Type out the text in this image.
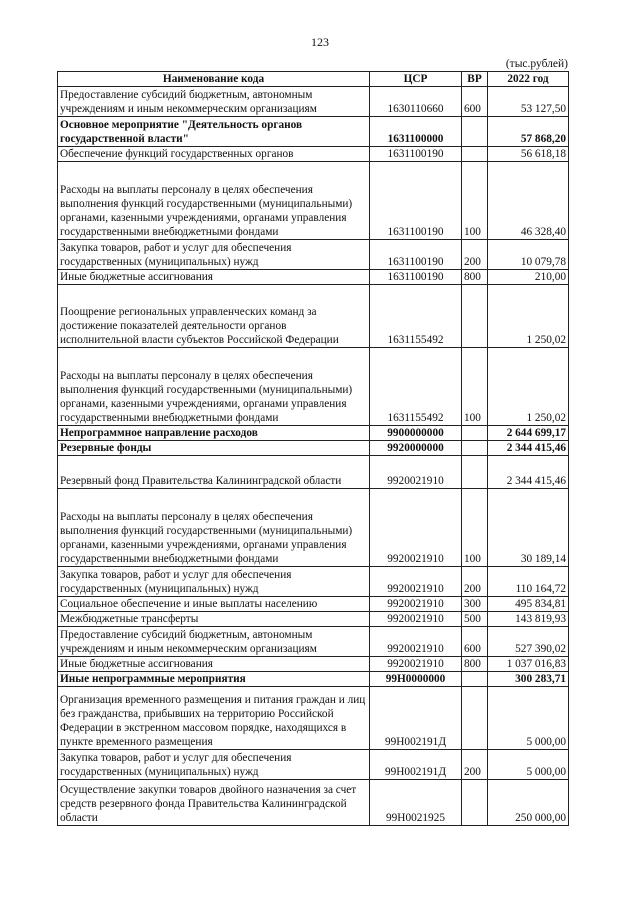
123
(тыс.рублей)
Наименование кода	ЦСР	ВР	2022 год
Предоставление субсидий бюджетным, автономным учреждениям и иным некоммерческим организациям	1630110660	600	53 127,50
Основное мероприятие "Деятельность органов государственной власти"	1631100000		57 868,20
Обеспечение функций государственных органов	1631100190		56 618,18
Расходы на выплаты персоналу в целях обеспечения выполнения функций государственными (муниципальными) органами, казенными учреждениями, органами управления государственными внебюджетными фондами	1631100190	100	46 328,40
Закупка товаров, работ и услуг для обеспечения государственных (муниципальных) нужд	1631100190	200	10 079,78
Иные бюджетные ассигнования	1631100190	800	210,00
Поощрение региональных управленческих команд за достижение показателей деятельности органов исполнительной власти субъектов Российской Федерации	1631155492		1 250,02
Расходы на выплаты персоналу в целях обеспечения выполнения функций государственными (муниципальными) органами, казенными учреждениями, органами управления государственными внебюджетными фондами	1631155492	100	1 250,02
Непрограммное направление расходов	9900000000		2 644 699,17
Резервные фонды	9920000000		2 344 415,46
Резервный фонд Правительства Калининградской области	9920021910		2 344 415,46
Расходы на выплаты персоналу в целях обеспечения выполнения функций государственными (муниципальными) органами, казенными учреждениями, органами управления государственными внебюджетными фондами	9920021910	100	30 189,14
Закупка товаров, работ и услуг для обеспечения государственных (муниципальных) нужд	9920021910	200	110 164,72
Социальное обеспечение и иные выплаты населению	9920021910	300	495 834,81
Межбюджетные трансферты	9920021910	500	143 819,93
Предоставление субсидий бюджетным, автономным учреждениям и иным некоммерческим организациям	9920021910	600	527 390,02
Иные бюджетные ассигнования	9920021910	800	1 037 016,83
Иные непрограммные мероприятия	99Н0000000		300 283,71
Организация временного размещения и питания граждан и лиц без гражданства, прибывших на территорию Российской Федерации в экстренном массовом порядке, находящихся в пункте временного размещения	99Н002191Д		5 000,00
Закупка товаров, работ и услуг для обеспечения государственных (муниципальных) нужд	99Н002191Д	200	5 000,00
Осуществление закупки товаров двойного назначения за счет средств резервного фонда Правительства Калининградской области	99Н0021925		250 000,00
